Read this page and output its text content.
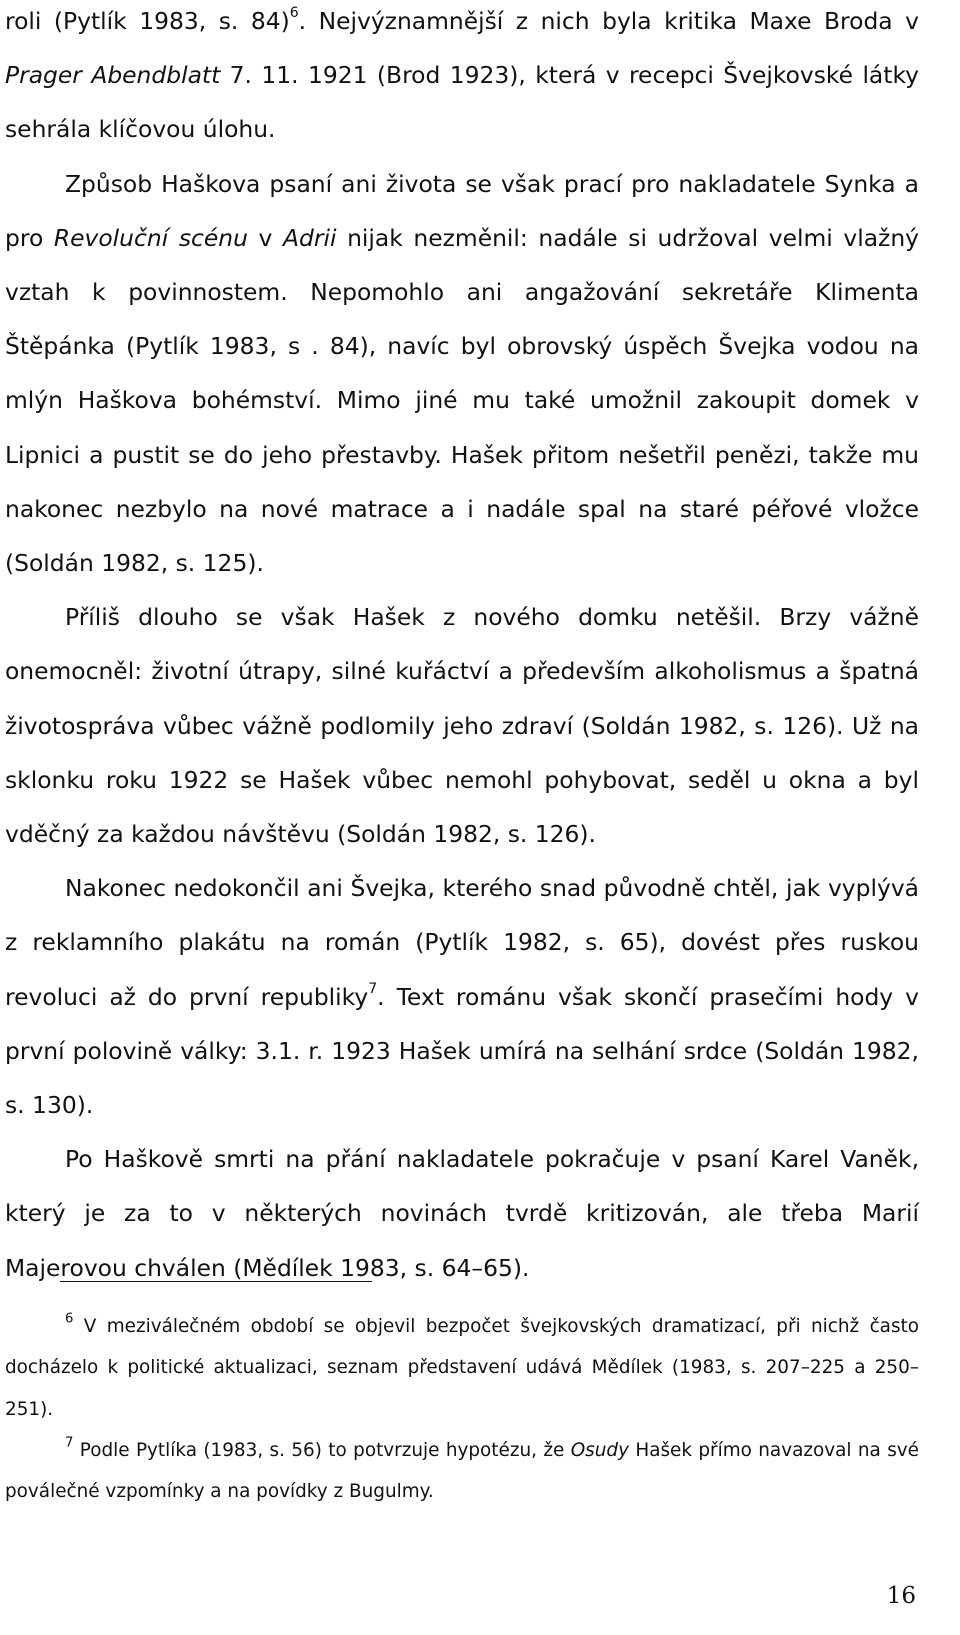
roli (Pytlík 1983, s. 84)$^6$. Nejvýznamnější z nich byla kritika Maxe Broda v Prager Abendblatt 7. 11. 1921 (Brod 1923), která v recepci Švejkovské látky sehrála klíčovou úlohu.

Způsob Haškova psaní ani života se však prací pro nakladatele Synka a pro Revoluční scénu v Adrii nijak nezměnil: nadále si udržoval velmi vlažný vztah k povinnostem. Nepomohlo ani angažování sekretáře Klimenta Štěpánka (Pytlík 1983, s . 84), navíc byl obrovský úspěch Švejka vodou na mlýn Haškova bohémství. Mimo jiné mu také umožnil zakoupit domek v Lipnici a pustit se do jeho přestavby. Hašek přitom nešetřil penězi, takže mu nakonec nezbylo na nové matrace a i nadále spal na staré péřové vložce (Soldán 1982, s. 125).

Příliš dlouho se však Hašek z nového domku netěšil. Brzy vážně onemocněl: životní útrapy, silné kuřáctví a především alkoholismus a špatná životospráva vůbec vážně podlomily jeho zdraví (Soldán 1982, s. 126). Už na sklonku roku 1922 se Hašek vůbec nemohl pohybovat, seděl u okna a byl vděčný za každou návštěvu (Soldán 1982, s. 126).

Nakonec nedokončil ani Švejka, kterého snad původně chtěl, jak vyplývá z reklamního plakátu na román (Pytlík 1982, s. 65), dovést přes ruskou revoluci až do první republiky$^7$. Text románu však skončí prasečími hody v první polovině války: 3.1. r. 1923 Hašek umírá na selhání srdce (Soldán 1982, s. 130).

Po Haškově smrti na přání nakladatele pokračuje v psaní Karel Vaněk, který je za to v některých novinách tvrdě kritizován, ale třeba Marií Majerovou chválen (Mědílek 1983, s. 64–65).

$^6$ V meziválečném období se objevil bezpočet švejkovských dramatizací, při nichž často docházelo k politické aktualizaci, seznam představení udává Mědílek (1983, s. 207–225 a 250–251).

$^7$ Podle Pytlíka (1983, s. 56) to potvrzuje hypotézu, že Osudy Hašek přímo navazoval na své poválečné vzpomínky a na povídky z Bugulmy.

16
